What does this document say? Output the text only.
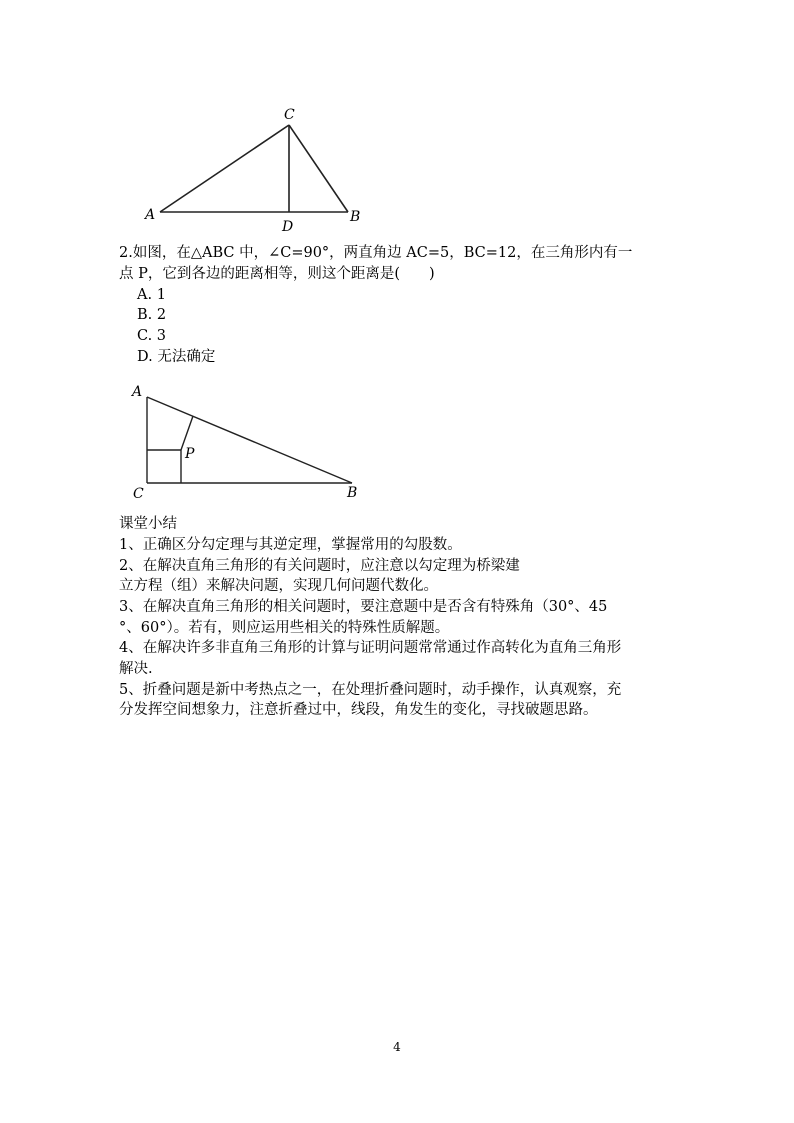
A	B
C
D
2.如图，在△ABC 中，∠C=90°，两直角边 AC=5，BC=12，在三角形内有一
点 P，它到各边的距离相等，则这个距离是(　　)
A. 1
B. 2
C. 3
D. 无法确定
A
B
C
P
课堂小结
1、正确区分勾定理与其逆定理，掌握常用的勾股数。
2、在解决直角三角形的有关问题时，应注意以勾定理为桥梁建
立方程（组）来解决问题，实现几何问题代数化。
3、在解决直角三角形的相关问题时，要注意题中是否含有特殊角（30°、45
°、60°）。若有，则应运用些相关的特殊性质解题。
4、在解决许多非直角三角形的计算与证明问题常常通过作高转化为直角三角形
解决.
5、折叠问题是新中考热点之一，在处理折叠问题时，动手操作，认真观察，充
分发挥空间想象力，注意折叠过中，线段，角发生的变化，寻找破题思路。
4
